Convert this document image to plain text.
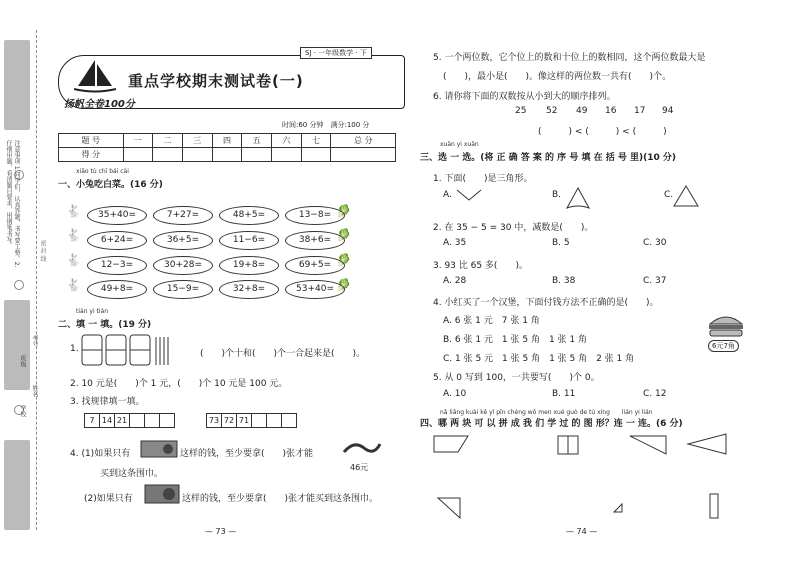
注意事项 1.同学们，认真答题，书写要工整。2.仔细审题，看清题目要求，用钢笔书写。
学校
班级
姓名
考号
密 封 线
重点学校期末测试卷(一)
SJ · 一年级数学 · 下
扬帆全卷100分
时间:60 分钟　满分:100 分
题 号	一	二	三	四	五	六	七	总 分
得 分								
xiǎo tù chī bái cài
一、小兔吃白菜。(16 分)
🐇
🐇
🐇
🐇
🥬
🥬
🥬
🥬
35+40=	7+27=	48+5=	13−8=
6+24=	36+5=	11−6=	38+6=
12−3=	30+28=	19+8=	69+5=
49+8=	15−9=	32+8=	53+40=
tián yi tián
二、填 一 填。(19 分)
1.	(　　)个十和(　　)个一合起来是(　　)。
2. 10 元是(　　)个 1 元，(　　)个 10 元是 100 元。
3. 找规律填一填。
7	14	21				73	72	71			
4. (1)如果只有	这样的钱，至少要拿(　　)张才能
买到这条围巾。
46元
(2)如果只有	这样的钱，至少要拿(　　)张才能买到这条围巾。
— 73 —
5. 一个两位数，它个位上的数和十位上的数相同，这个两位数最大是
(　　)，最小是(　　)。像这样的两位数一共有(　　)个。
6. 请你将下面的双数按从小到大的顺序排列。
25 52 49 16 17 94
(　　　) < (　　　) < (　　　)
xuǎn yi xuǎn
三、选 一 选。(将 正 确 答 案 的 序 号 填 在 括 号 里)(10 分)
1. 下面(　　)是三角形。
A.	B.	C.
2. 在 35 − 5 = 30 中，减数是(　　)。
A. 35	B. 5	C. 30
3. 93 比 65 多(　　)。
A. 28	B. 38	C. 37
4. 小红买了一个汉堡，下面付钱方法不正确的是(　　)。
A. 6 张 1 元　7 张 1 角
B. 6 张 1 元　1 张 5 角　1 张 1 角
C. 1 张 5 元　1 张 5 角　1 张 5 角　2 张 1 角
6元7角
5. 从 0 写到 100，一共要写(　　)个 0。
A. 10	B. 11	C. 12
nǎ liǎng kuài kě yǐ pīn chéng wǒ men xué guò de tú xíng　　lián yi lián
四、哪 两 块 可 以 拼 成 我 们 学 过 的 图 形？连 一 连。(6 分)
— 74 —
